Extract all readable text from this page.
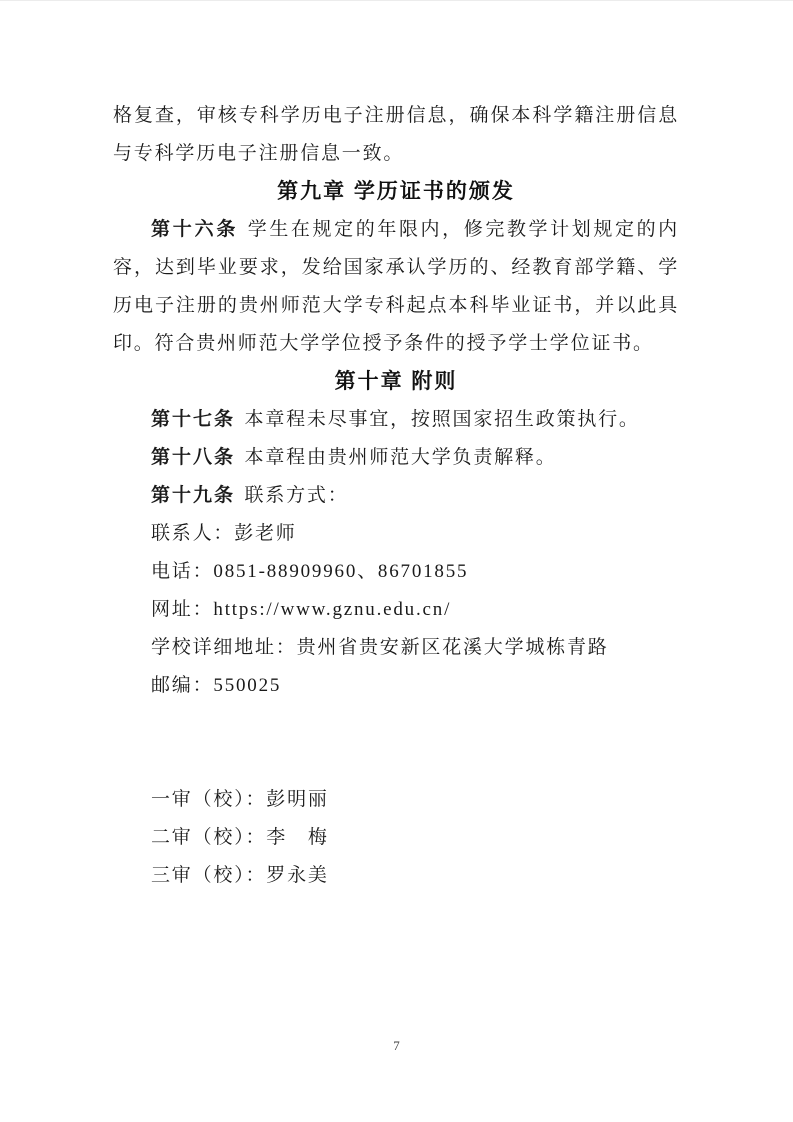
格复查，审核专科学历电子注册信息，确保本科学籍注册信息与专科学历电子注册信息一致。

第九章 学历证书的颁发

第十六条 学生在规定的年限内，修完教学计划规定的内容，达到毕业要求，发给国家承认学历的、经教育部学籍、学历电子注册的贵州师范大学专科起点本科毕业证书，并以此具印。符合贵州师范大学学位授予条件的授予学士学位证书。

第十章 附则

第十七条 本章程未尽事宜，按照国家招生政策执行。

第十八条 本章程由贵州师范大学负责解释。

第十九条 联系方式：

联系人：彭老师

电话：0851-88909960、86701855

网址：https://www.gznu.edu.cn/

学校详细地址：贵州省贵安新区花溪大学城栋青路

邮编：550025

一审（校）：彭明丽

二审（校）：李　梅

三审（校）：罗永美

7
